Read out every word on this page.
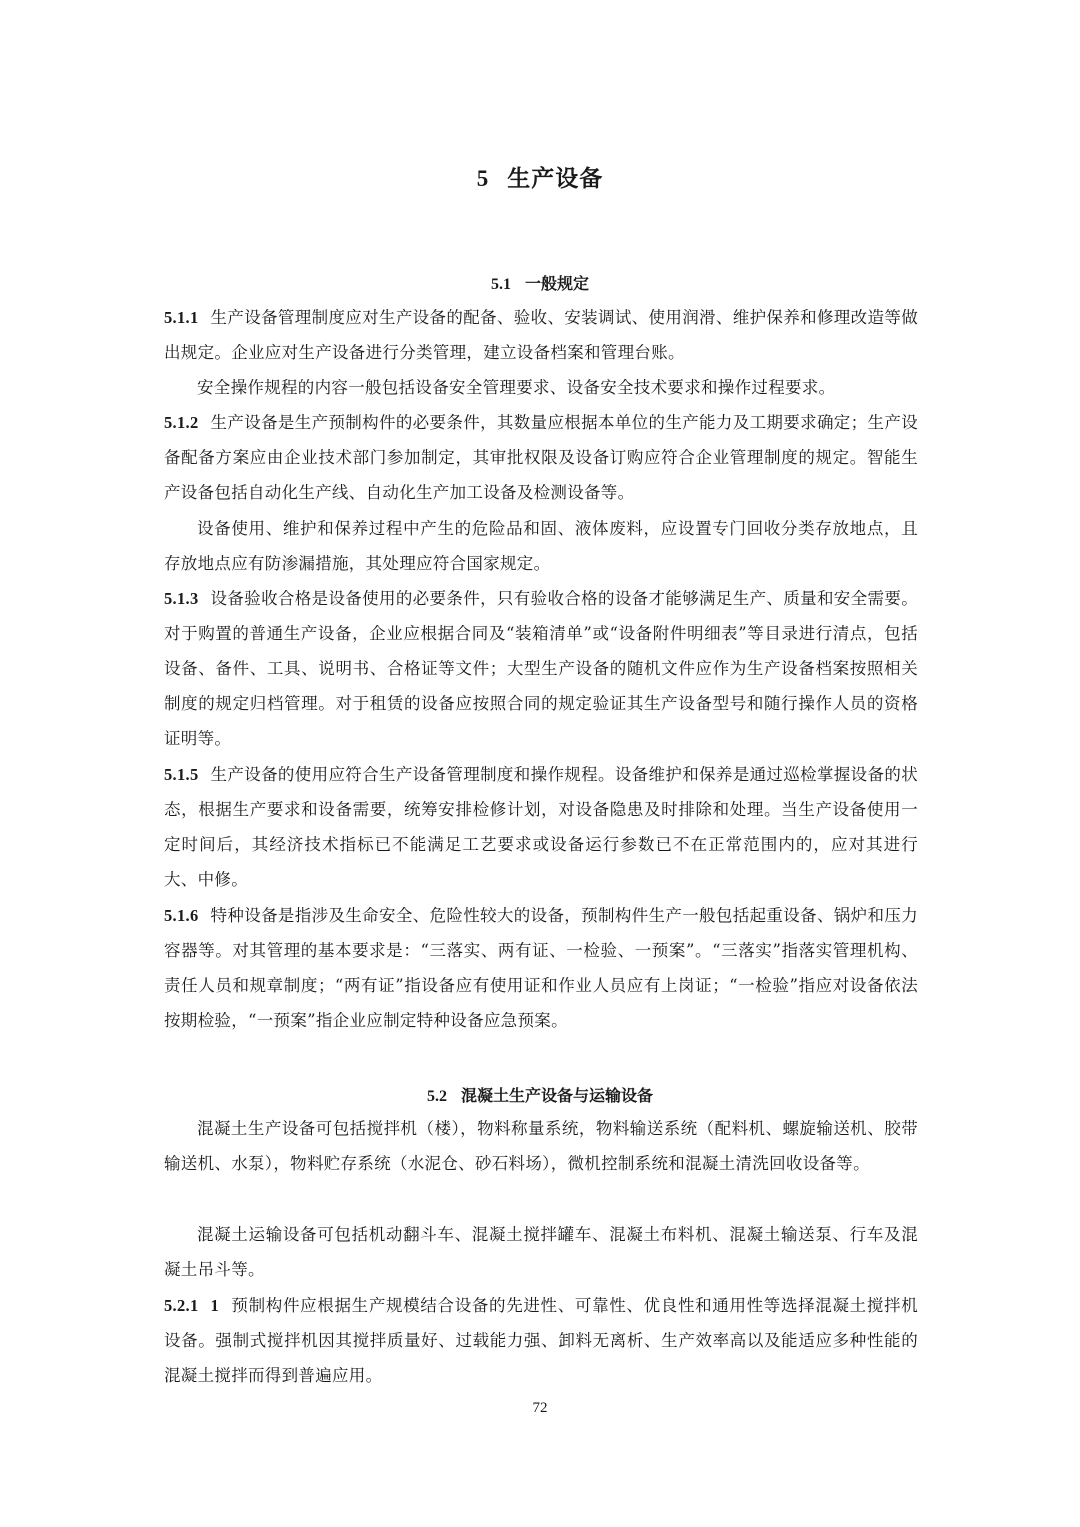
5 生产设备
5.1 一般规定
5.1.1 生产设备管理制度应对生产设备的配备、验收、安装调试、使用润滑、维护保养和修理改造等做出规定。企业应对生产设备进行分类管理，建立设备档案和管理台账。
安全操作规程的内容一般包括设备安全管理要求、设备安全技术要求和操作过程要求。
5.1.2 生产设备是生产预制构件的必要条件，其数量应根据本单位的生产能力及工期要求确定；生产设备配备方案应由企业技术部门参加制定，其审批权限及设备订购应符合企业管理制度的规定。智能生产设备包括自动化生产线、自动化生产加工设备及检测设备等。
设备使用、维护和保养过程中产生的危险品和固、液体废料，应设置专门回收分类存放地点，且存放地点应有防渗漏措施，其处理应符合国家规定。
5.1.3 设备验收合格是设备使用的必要条件，只有验收合格的设备才能够满足生产、质量和安全需要。对于购置的普通生产设备，企业应根据合同及“装箱清单”或“设备附件明细表”等目录进行清点，包括设备、备件、工具、说明书、合格证等文件；大型生产设备的随机文件应作为生产设备档案按照相关制度的规定归档管理。对于租赁的设备应按照合同的规定验证其生产设备型号和随行操作人员的资格证明等。
5.1.5 生产设备的使用应符合生产设备管理制度和操作规程。设备维护和保养是通过巡检掌握设备的状态，根据生产要求和设备需要，统筹安排检修计划，对设备隐患及时排除和处理。当生产设备使用一定时间后，其经济技术指标已不能满足工艺要求或设备运行参数已不在正常范围内的，应对其进行大、中修。
5.1.6 特种设备是指涉及生命安全、危险性较大的设备，预制构件生产一般包括起重设备、锅炉和压力容器等。对其管理的基本要求是：“三落实、两有证、一检验、一预案”。“三落实”指落实管理机构、责任人员和规章制度；“两有证”指设备应有使用证和作业人员应有上岗证；“一检验”指应对设备依法按期检验，“一预案”指企业应制定特种设备应急预案。
5.2 混凝土生产设备与运输设备
混凝土生产设备可包括搅拌机（楼），物料称量系统，物料输送系统（配料机、螺旋输送机、胶带输送机、水泵），物料贮存系统（水泥仓、砂石料场），微机控制系统和混凝土清洗回收设备等。
混凝土运输设备可包括机动翻斗车、混凝土搅拌罐车、混凝土布料机、混凝土输送泵、行车及混凝土吊斗等。
5.2.1 1 预制构件应根据生产规模结合设备的先进性、可靠性、优良性和通用性等选择混凝土搅拌机设备。强制式搅拌机因其搅拌质量好、过载能力强、卸料无离析、生产效率高以及能适应多种性能的混凝土搅拌而得到普遍应用。
72
